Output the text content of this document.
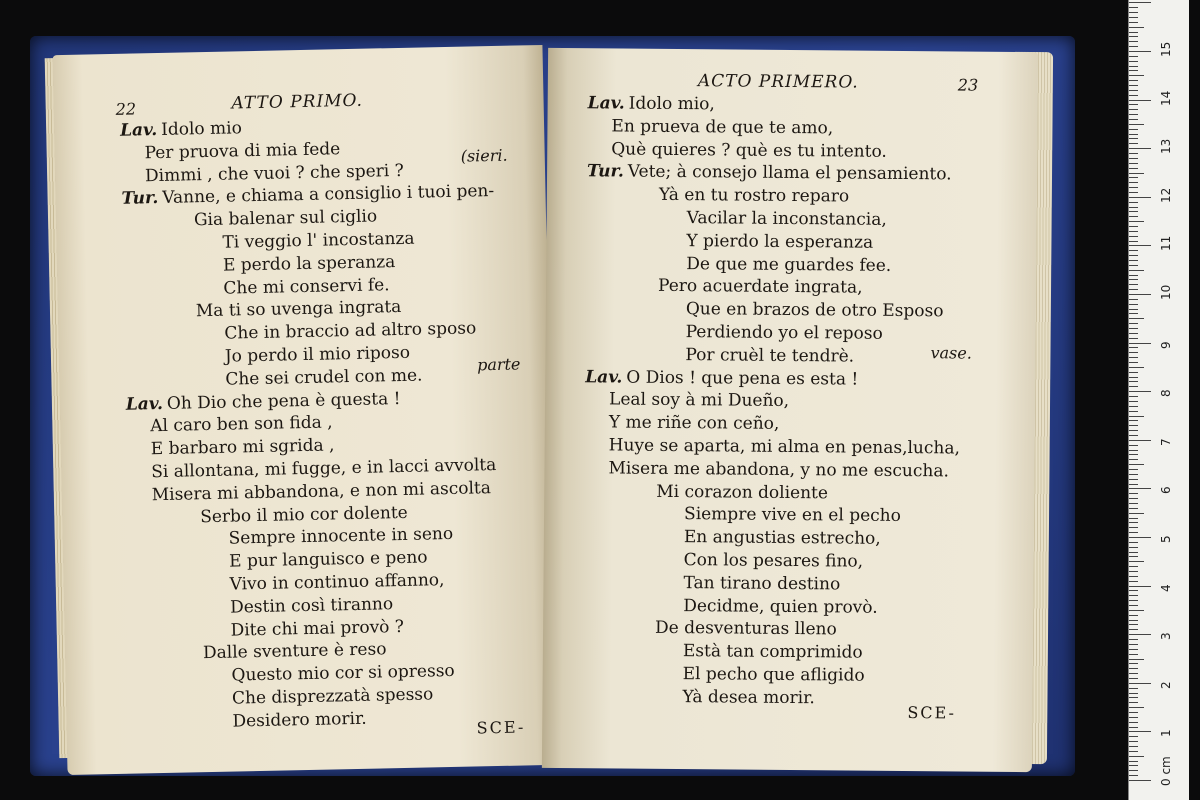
22	ATTO PRIMO.
Lav. Idolo mio
Per pruova di mia fede
Dimmi , che vuoi ? che speri ?
Tur. Vanne, e chiama a consiglio i tuoi pen-
Gia balenar sul ciglio
Ti veggio l' incostanza
E perdo la speranza
Che mi conservi fe.
Ma ti so uvenga ingrata
Che in braccio ad altro sposo
Jo perdo il mio riposo
Che sei crudel con me.
Lav. Oh Dio che pena è questa !
Al caro ben son fida ,
E barbaro mi sgrida ,
Si allontana, mi fugge, e in lacci avvolta
Misera mi abbandona, e non mi ascolta
Serbo il mio cor dolente
Sempre innocente in seno
E pur languisco e peno
Vivo in continuo affanno,
Destin così tiranno
Dite chi mai provò ?
Dalle sventure è reso
Questo mio cor si opresso
Che disprezzatà spesso
Desidero morir.
(sieri.
parte
SCE-
ACTO PRIMERO.	23
Lav. Idolo mio,
En prueva de que te amo,
Què quieres ? què es tu intento.
Tur. Vete; à consejo llama el pensamiento.
Yà en tu rostro reparo
Vacilar la inconstancia,
Y pierdo la esperanza
De que me guardes fee.
Pero acuerdate ingrata,
Que en brazos de otro Esposo
Perdiendo yo el reposo
Por cruèl te tendrè.
Lav. O Dios ! que pena es esta !
Leal soy à mi Dueño,
Y me riñe con ceño,
Huye se aparta, mi alma en penas,lucha,
Misera me abandona, y no me escucha.
Mi corazon doliente
Siempre vive en el pecho
En angustias estrecho,
Con los pesares fino,
Tan tirano destino
Decidme, quien provò.
De desventuras lleno
Està tan comprimido
El pecho que afligido
Yà desea morir.
vase.
SCE-
0 cm
1
2
3
4
5
6
7
8
9
10
11
12
13
14
15
